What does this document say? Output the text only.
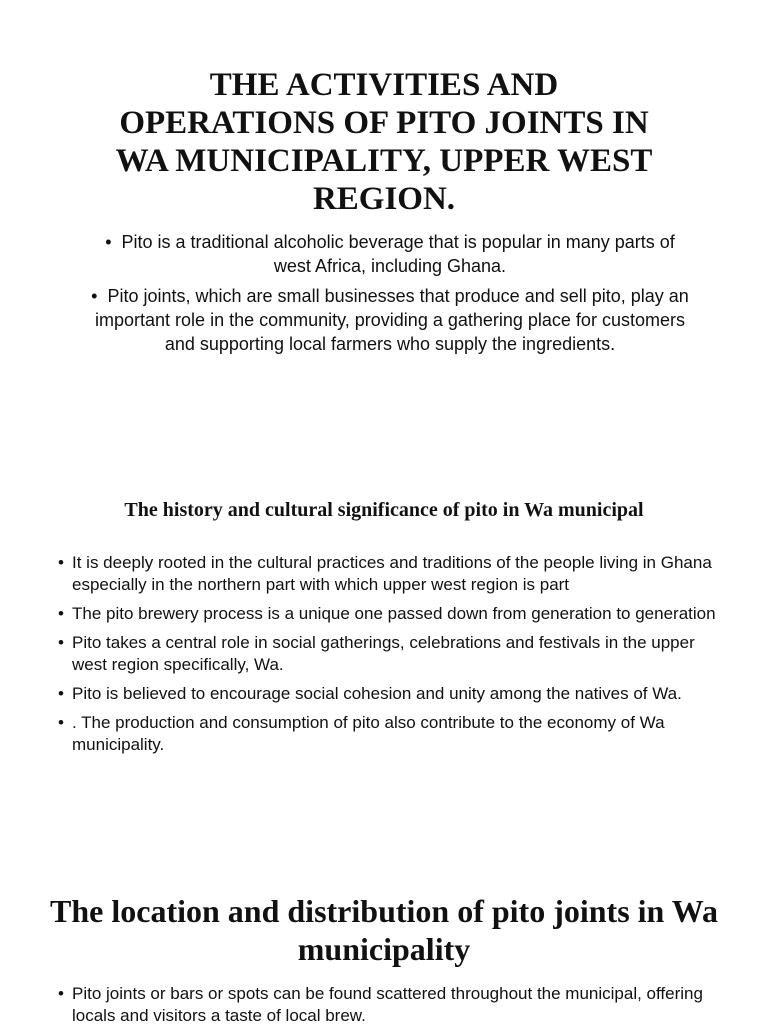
THE ACTIVITIES AND OPERATIONS OF PITO JOINTS IN WA MUNICIPALITY, UPPER WEST REGION.
• Pito is a traditional alcoholic beverage that is popular in many parts of west Africa, including Ghana.
• Pito joints, which are small businesses that produce and sell pito, play an important role in the community, providing a gathering place for customers and supporting local farmers who supply the ingredients.
The history and cultural significance of pito in Wa municipal
• It is deeply rooted in the cultural practices and traditions of the people living in Ghana especially in the northern part with which upper west region is part
• The pito brewery process is a unique one passed down from generation to generation
• Pito takes a central role in social gatherings, celebrations and festivals in the upper west region specifically, Wa.
• Pito is believed to encourage social cohesion and unity among the natives of Wa.
• . The production and consumption of pito also contribute to the economy of Wa municipality.
The location and distribution of pito joints in Wa municipality
• Pito joints or bars or spots can be found scattered throughout the municipal, offering locals and visitors a taste of local brew.
